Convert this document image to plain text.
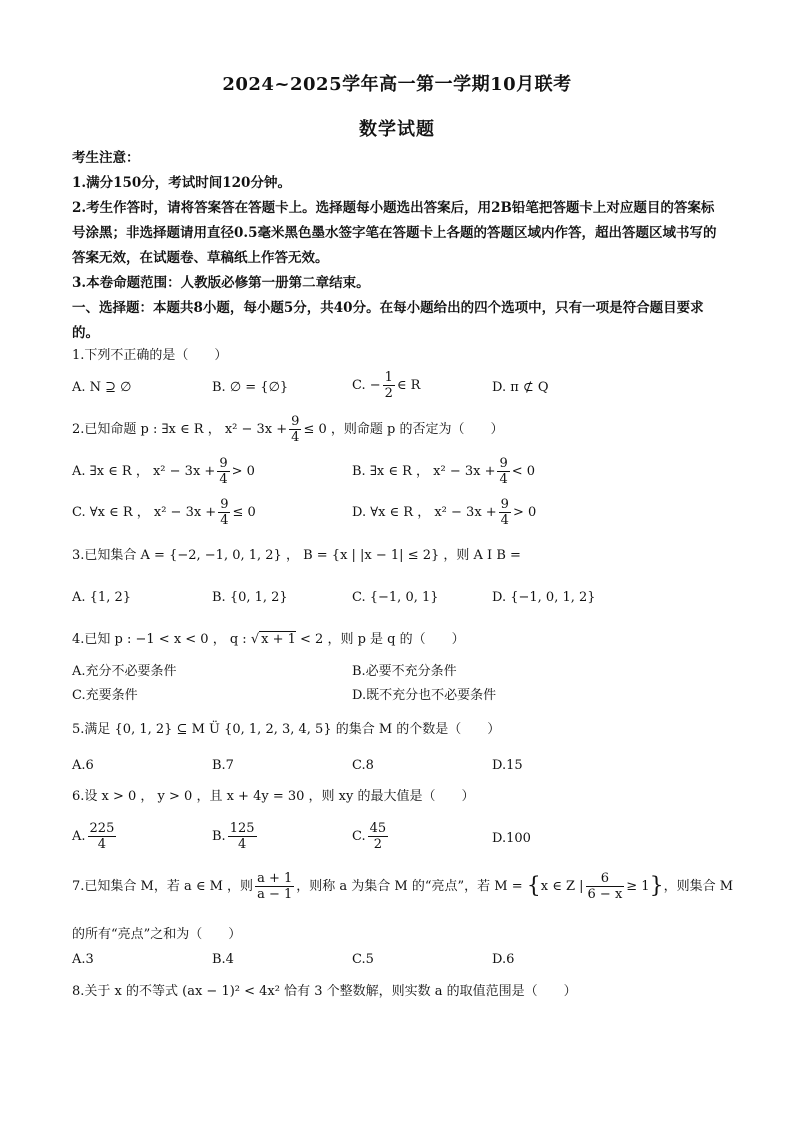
2024~2025学年高一第一学期10月联考
数学试题
考生注意：
1.满分150分，考试时间120分钟。
2.考生作答时，请将答案答在答题卡上。选择题每小题选出答案后，用2B铅笔把答题卡上对应题目的答案标号涂黑；非选择题请用直径0.5毫米黑色墨水签字笔在答题卡上各题的答题区域内作答，超出答题区域书写的答案无效，在试题卷、草稿纸上作答无效。
3.本卷命题范围：人教版必修第一册第二章结束。
一、选择题：本题共8小题，每小题5分，共40分。在每小题给出的四个选项中，只有一项是符合题目要求的。
1.下列不正确的是（　　）
A. N ⊇ ∅	B. ∅ = {∅}	C. − $\frac{1}{2}$ ∈ R	D. π ⊄ Q
2.已知命题 p : ∃x ∈ R ， $x^2 - 3x + \frac{9}{4} \le 0$ ，则命题 p 的否定为（　　）
A. ∃x ∈ R ， $x^2 - 3x + \frac{9}{4} > 0$	B. ∃x ∈ R ， $x^2 - 3x + \frac{9}{4} < 0$
C. ∀x ∈ R ， $x^2 - 3x + \frac{9}{4} \le 0$	D. ∀x ∈ R ， $x^2 - 3x + \frac{9}{4} > 0$
3.已知集合 A = {−2, −1, 0, 1, 2} ， B = {x | |x − 1| ≤ 2} ，则 A I B =
A. {1, 2}	B. {0, 1, 2}	C. {−1, 0, 1}	D. {−1, 0, 1, 2}
4.已知 p : −1 < x < 0 ， q : √ x + 1 < 2 ，则 p 是 q 的（　　）
A.充分不必要条件	B.必要不充分条件
C.充要条件	D.既不充分也不必要条件
5.满足 {0, 1, 2} ⊆ M Ü {0, 1, 2, 3, 4, 5} 的集合 M 的个数是（　　）
A.6	B.7	C.8	D.15
6.设 x > 0 ， y > 0 ，且 x + 4y = 30 ，则 xy 的最大值是（　　）
A. $\frac{225}{4}$	B. $\frac{125}{4}$	C. $\frac{45}{2}$	D.100
7.已知集合 M，若 a ∈ M ，则 $\frac{a + 1}{a - 1}$ ，则称 a 为集合 M 的“亮点”，若 M = {x ∈ Z | $\frac{6}{6 - x} \ge 1$}，则集合 M
的所有“亮点”之和为（　　）
A.3	B.4	C.5	D.6
8.关于 x 的不等式 (ax − 1)² < 4x² 恰有 3 个整数解，则实数 a 的取值范围是（　　）
